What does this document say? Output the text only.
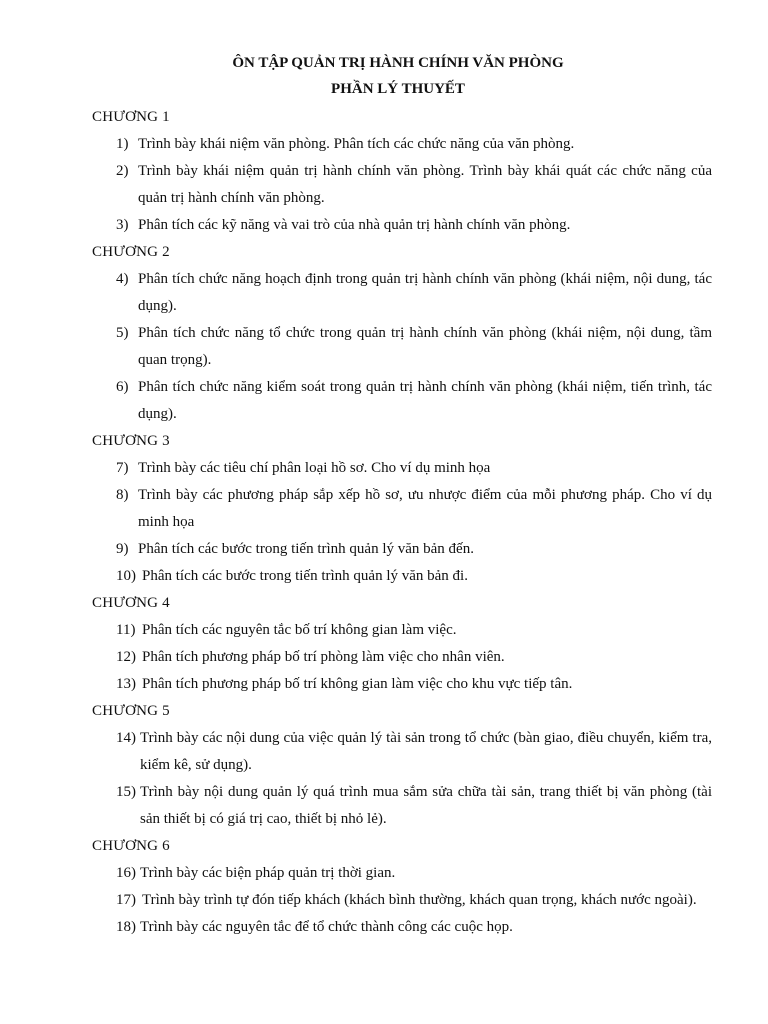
ÔN TẬP QUẢN TRỊ HÀNH CHÍNH VĂN PHÒNG

PHẦN LÝ THUYẾT

CHƯƠNG 1

1) Trình bày khái niệm văn phòng. Phân tích các chức năng của văn phòng.
2) Trình bày khái niệm quản trị hành chính văn phòng. Trình bày khái quát các chức năng của quản trị hành chính văn phòng.
3) Phân tích các kỹ năng và vai trò của nhà quản trị hành chính văn phòng.

CHƯƠNG 2

4) Phân tích chức năng hoạch định trong quản trị hành chính văn phòng (khái niệm, nội dung, tác dụng).
5) Phân tích chức năng tổ chức trong quản trị hành chính văn phòng (khái niệm, nội dung, tầm quan trọng).
6) Phân tích chức năng kiểm soát trong quản trị hành chính văn phòng (khái niệm, tiến trình, tác dụng).

CHƯƠNG 3

7) Trình bày các tiêu chí phân loại hồ sơ. Cho ví dụ minh họa
8) Trình bày các phương pháp sắp xếp hồ sơ, ưu nhược điểm của mỗi phương pháp. Cho ví dụ minh họa
9) Phân tích các bước trong tiến trình quản lý văn bản đến.
10) Phân tích các bước trong tiến trình quản lý văn bản đi.

CHƯƠNG 4

11) Phân tích các nguyên tắc bố trí không gian làm việc.
12) Phân tích phương pháp bố trí phòng làm việc cho nhân viên.
13) Phân tích phương pháp bố trí không gian làm việc cho khu vực tiếp tân.

CHƯƠNG 5

14) Trình bày các nội dung của việc quản lý tài sản trong tổ chức (bàn giao, điều chuyển, kiểm tra, kiểm kê, sử dụng).
15) Trình bày nội dung quản lý quá trình mua sắm sửa chữa tài sản, trang thiết bị văn phòng (tài sản thiết bị có giá trị cao, thiết bị nhỏ lẻ).

CHƯƠNG 6

16) Trình bày các biện pháp quản trị thời gian.
17) Trình bày trình tự đón tiếp khách (khách bình thường, khách quan trọng, khách nước ngoài).
18) Trình bày các nguyên tắc để tổ chức thành công các cuộc họp.
